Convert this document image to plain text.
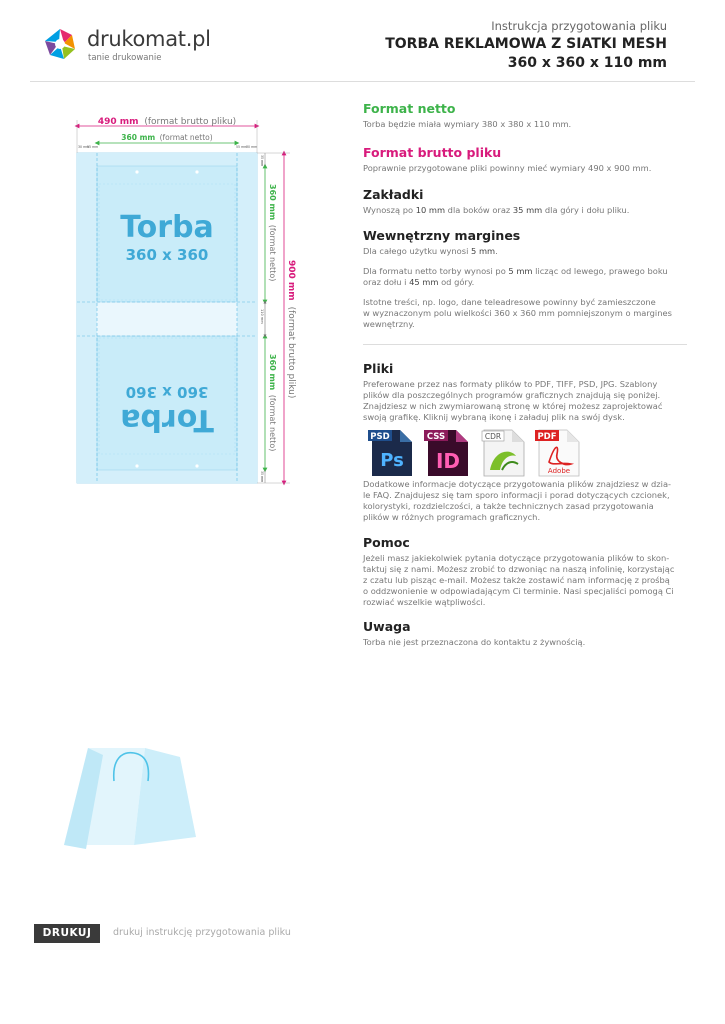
drukomat.pl
tanie drukowanie
Instrukcja przygotowania pliku
TORBA REKLAMOWA Z SIATKI MESH
360 x 360 x 110 mm
Torba
360 x 360
Torba
360 x 360
490 mm (format brutto pliku)
360 mm (format netto)
30 mm
55 mm	55 mm
30 mm
360 mm (format netto)
360 mm (format netto)
110 mm
35 mm
35 mm
900 mm (format brutto pliku)
Format netto
Torba będzie miała wymiary 380 x 380 x 110 mm.
Format brutto pliku
Poprawnie przygotowane pliki powinny mieć wymiary 490 x 900 mm.
Zakładki
Wynoszą po 10 mm dla boków oraz 35 mm dla góry i dołu pliku.
Wewnętrzny margines
Dla całego użytku wynosi 5 mm.
Dla formatu netto torby wynosi po 5 mm licząc od lewego, prawego boku
oraz dołu i 45 mm od góry.
Istotne treści, np. logo, dane teleadresowe powinny być zamieszczone
w wyznaczonym polu wielkości 360 x 360 mm pomniejszonym o margines
wewnętrzny.
Pliki
Preferowane przez nas formaty plików to PDF, TIFF, PSD, JPG. Szablony
plików dla poszczególnych programów graficznych znajdują się poniżej.
Znajdziesz w nich zwymiarowaną stronę w której możesz zaprojektować
swoją grafikę. Kliknij wybraną ikonę i załaduj plik na swój dysk.
PSD
Ps
CSS
ID
CDR	PDF
Adobe
Dodatkowe informacje dotyczące przygotowania plików znajdziesz w dzia-
le FAQ. Znajdujesz się tam sporo informacji i porad dotyczących czcionek,
kolorystyki, rozdzielczości, a także technicznych zasad przygotowania
plików w różnych programach graficznych.
Pomoc
Jeżeli masz jakiekolwiek pytania dotyczące przygotowania plików to skon-
taktuj się z nami. Możesz zrobić to dzwoniąc na naszą infolinię, korzystając
z czatu lub pisząc e-mail. Możesz także zostawić nam informację z prośbą
o oddzwonienie w odpowiadającym Ci terminie. Nasi specjaliści pomogą Ci
rozwiać wszelkie wątpliwości.
Uwaga
Torba nie jest przeznaczona do kontaktu z żywnością.
DRUKUJ	drukuj instrukcję przygotowania pliku
